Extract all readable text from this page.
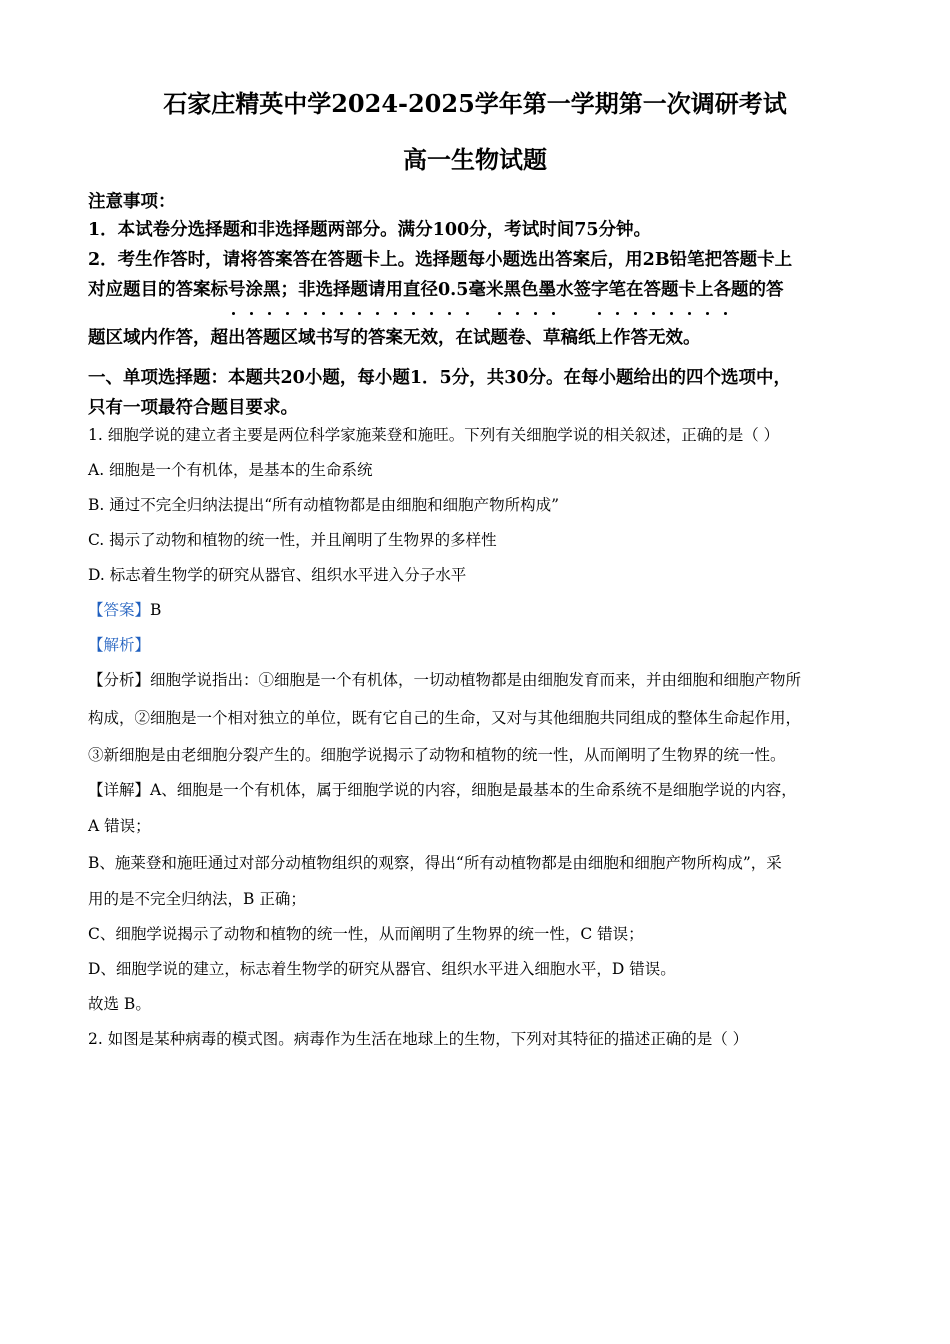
石家庄精英中学2024-2025学年第一学期第一次调研考试
高一生物试题
注意事项：
1．本试卷分选择题和非选择题两部分。满分100分，考试时间75分钟。
2．考生作答时，请将答案答在答题卡上。选择题每小题选出答案后，用2B铅笔把答题卡上
对应题目的答案标号涂黑；非选择题请用直径0.5毫米黑色墨水签字笔在答题卡上各题的答
题区域内作答，超出答题区域书写的答案无效，在试题卷、草稿纸上作答无效。
一、单项选择题：本题共20小题，每小题1．5分，共30分。在每小题给出的四个选项中，
只有一项最符合题目要求。
1. 细胞学说的建立者主要是两位科学家施莱登和施旺。下列有关细胞学说的相关叙述，正确的是（ ）
A. 细胞是一个有机体，是基本的生命系统
B. 通过不完全归纳法提出“所有动植物都是由细胞和细胞产物所构成”
C. 揭示了动物和植物的统一性，并且阐明了生物界的多样性
D. 标志着生物学的研究从器官、组织水平进入分子水平
【答案】B
【解析】
【分析】细胞学说指出：①细胞是一个有机体，一切动植物都是由细胞发育而来，并由细胞和细胞产物所
构成，②细胞是一个相对独立的单位，既有它自己的生命，又对与其他细胞共同组成的整体生命起作用，
③新细胞是由老细胞分裂产生的。细胞学说揭示了动物和植物的统一性，从而阐明了生物界的统一性。
【详解】A、细胞是一个有机体，属于细胞学说的内容，细胞是最基本的生命系统不是细胞学说的内容，
A 错误；
B、施莱登和施旺通过对部分动植物组织的观察，得出“所有动植物都是由细胞和细胞产物所构成”，采
用的是不完全归纳法，B 正确；
C、细胞学说揭示了动物和植物的统一性，从而阐明了生物界的统一性，C 错误；
D、细胞学说的建立，标志着生物学的研究从器官、组织水平进入细胞水平，D 错误。
故选 B。
2. 如图是某种病毒的模式图。病毒作为生活在地球上的生物，下列对其特征的描述正确的是（ ）
